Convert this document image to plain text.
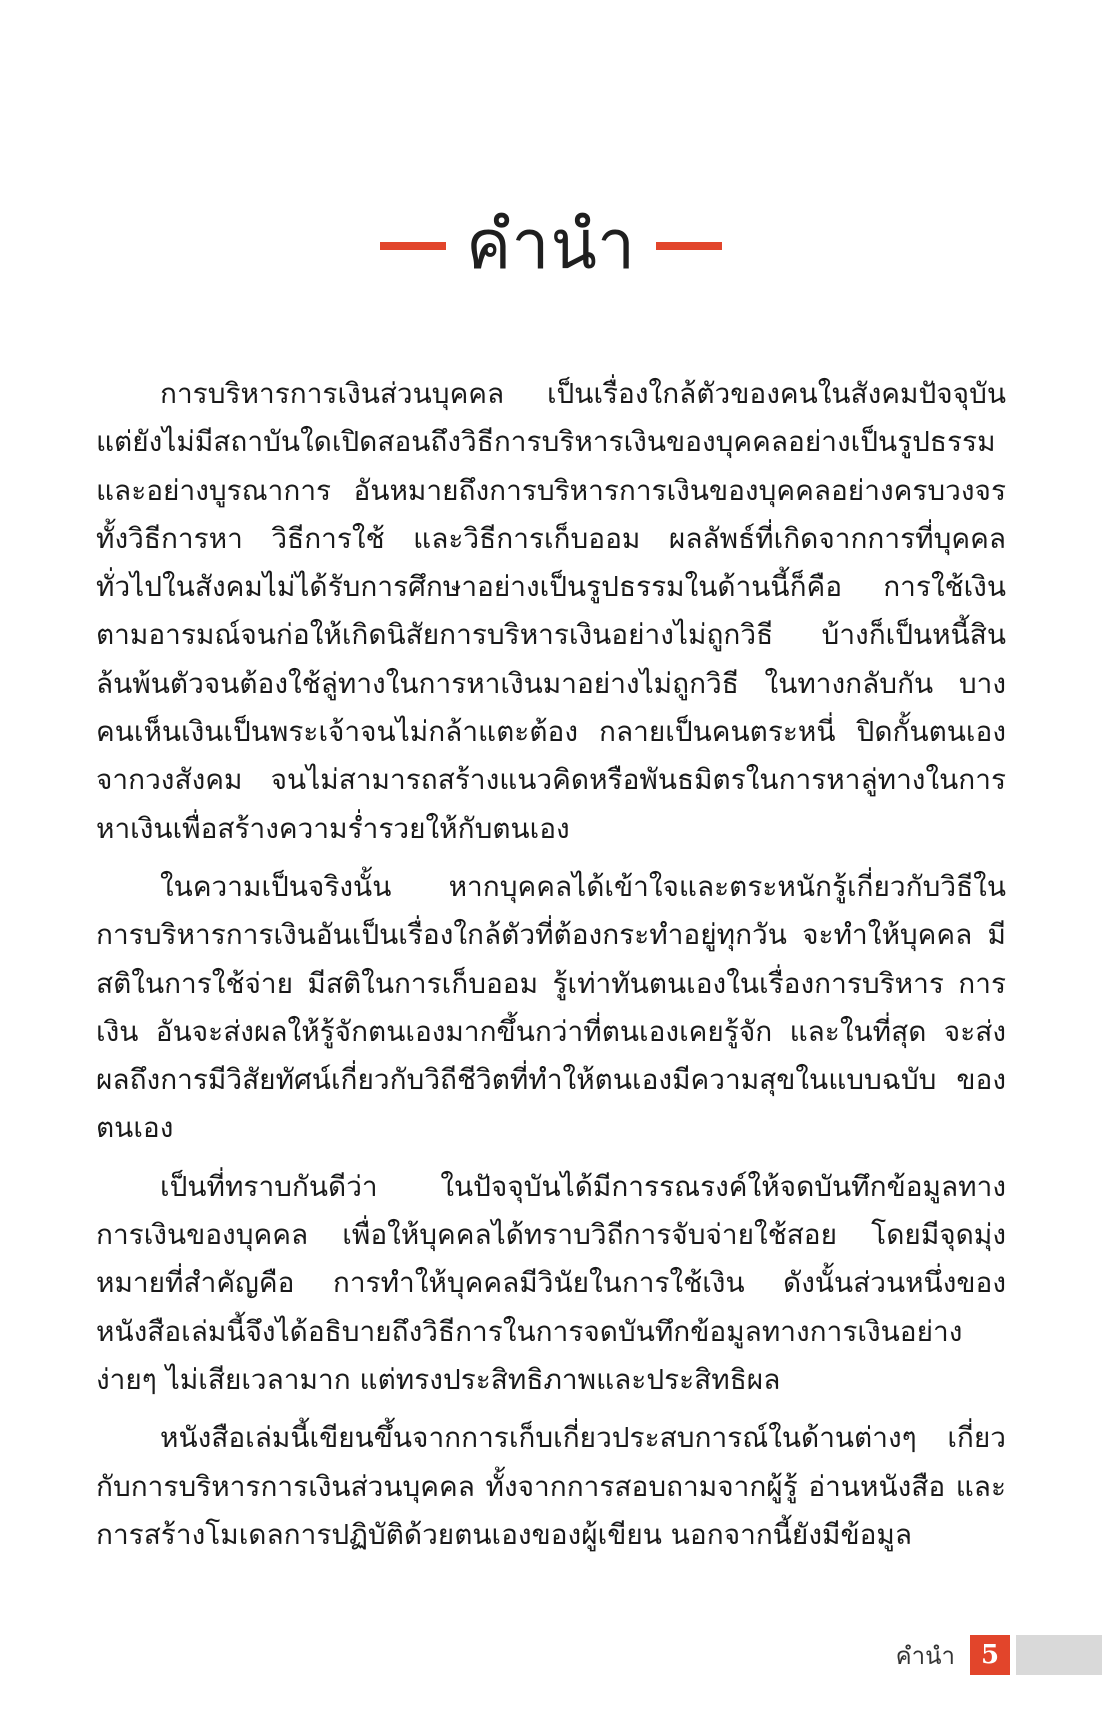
คำนำ

การบริหารการเงินส่วนบุคคล เป็นเรื่องใกล้ตัวของคนในสังคมปัจจุบัน แต่ยังไม่มีสถาบันใดเปิดสอนถึงวิธีการบริหารเงินของบุคคลอย่างเป็นรูปธรรม และอย่างบูรณาการ อันหมายถึงการบริหารการเงินของบุคคลอย่างครบวงจร ทั้งวิธีการหา วิธีการใช้ และวิธีการเก็บออม ผลลัพธ์ที่เกิดจากการที่บุคคล ทั่วไปในสังคมไม่ได้รับการศึกษาอย่างเป็นรูปธรรมในด้านนี้ก็คือ การใช้เงิน ตามอารมณ์จนก่อให้เกิดนิสัยการบริหารเงินอย่างไม่ถูกวิธี บ้างก็เป็นหนี้สิน ล้นพ้นตัวจนต้องใช้ลู่ทางในการหาเงินมาอย่างไม่ถูกวิธี ในทางกลับกัน บาง คนเห็นเงินเป็นพระเจ้าจนไม่กล้าแตะต้อง กลายเป็นคนตระหนี่ ปิดกั้นตนเอง จากวงสังคม จนไม่สามารถสร้างแนวคิดหรือพันธมิตรในการหาลู่ทางในการ หาเงินเพื่อสร้างความร่ำรวยให้กับตนเอง

ในความเป็นจริงนั้น หากบุคคลได้เข้าใจและตระหนักรู้เกี่ยวกับวิธีใน การบริหารการเงินอันเป็นเรื่องใกล้ตัวที่ต้องกระทำอยู่ทุกวัน จะทำให้บุคคล มีสติในการใช้จ่าย มีสติในการเก็บออม รู้เท่าทันตนเองในเรื่องการบริหาร การเงิน อันจะส่งผลให้รู้จักตนเองมากขึ้นกว่าที่ตนเองเคยรู้จัก และในที่สุด จะส่งผลถึงการมีวิสัยทัศน์เกี่ยวกับวิถีชีวิตที่ทำให้ตนเองมีความสุขในแบบฉบับ ของตนเอง

เป็นที่ทราบกันดีว่า ในปัจจุบันได้มีการรณรงค์ให้จดบันทึกข้อมูลทาง การเงินของบุคคล เพื่อให้บุคคลได้ทราบวิถีการจับจ่ายใช้สอย โดยมีจุดมุ่ง หมายที่สำคัญคือ การทำให้บุคคลมีวินัยในการใช้เงิน ดังนั้นส่วนหนึ่งของ หนังสือเล่มนี้จึงได้อธิบายถึงวิธีการในการจดบันทึกข้อมูลทางการเงินอย่าง ง่ายๆ ไม่เสียเวลามาก แต่ทรงประสิทธิภาพและประสิทธิผล

หนังสือเล่มนี้เขียนขึ้นจากการเก็บเกี่ยวประสบการณ์ในด้านต่างๆ เกี่ยว กับการบริหารการเงินส่วนบุคคล ทั้งจากการสอบถามจากผู้รู้ อ่านหนังสือ และการสร้างโมเดลการปฏิบัติด้วยตนเองของผู้เขียน นอกจากนี้ยังมีข้อมูล

คำนำ 5
